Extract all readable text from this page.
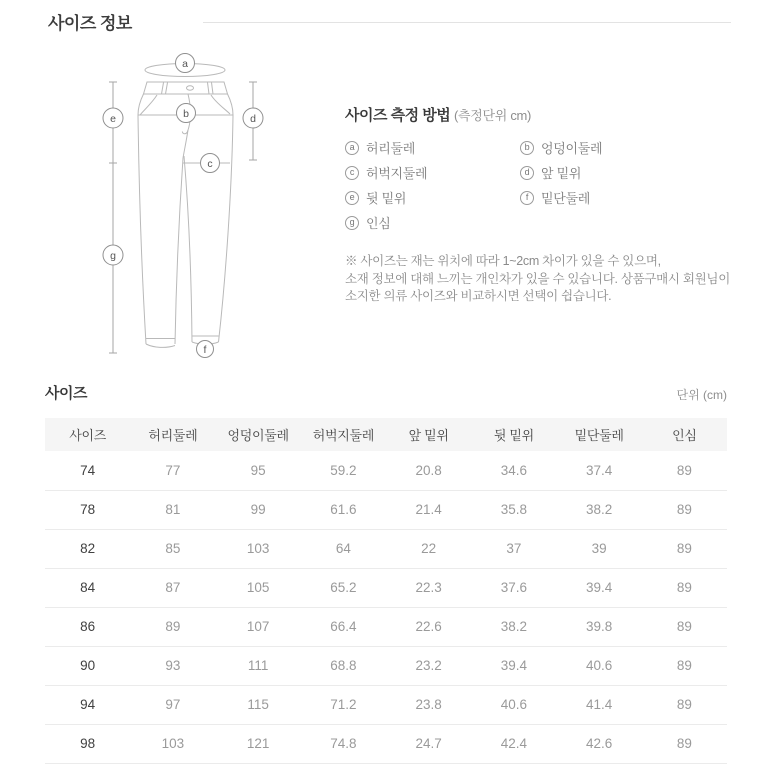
사이즈 정보
a
b
c
d
e
f
g
사이즈 측정 방법 (측정단위 cm)
a 허리둘레	b 엉덩이둘레
c 허벅지둘레	d 앞 밑위
e 뒷 밑위	f 밑단둘레
g 인심
※ 사이즈는 재는 위치에 따라 1~2cm 차이가 있을 수 있으며,
소재 정보에 대해 느끼는 개인차가 있을 수 있습니다. 상품구매시 회원님이
소지한 의류 사이즈와 비교하시면 선택이 쉽습니다.
사이즈	단위 (cm)
사이즈	허리둘레	엉덩이둘레	허벅지둘레	앞 밑위	뒷 밑위	밑단둘레	인심
74	77	95	59.2	20.8	34.6	37.4	89
78	81	99	61.6	21.4	35.8	38.2	89
82	85	103	64	22	37	39	89
84	87	105	65.2	22.3	37.6	39.4	89
86	89	107	66.4	22.6	38.2	39.8	89
90	93	111	68.8	23.2	39.4	40.6	89
94	97	115	71.2	23.8	40.6	41.4	89
98	103	121	74.8	24.7	42.4	42.6	89
